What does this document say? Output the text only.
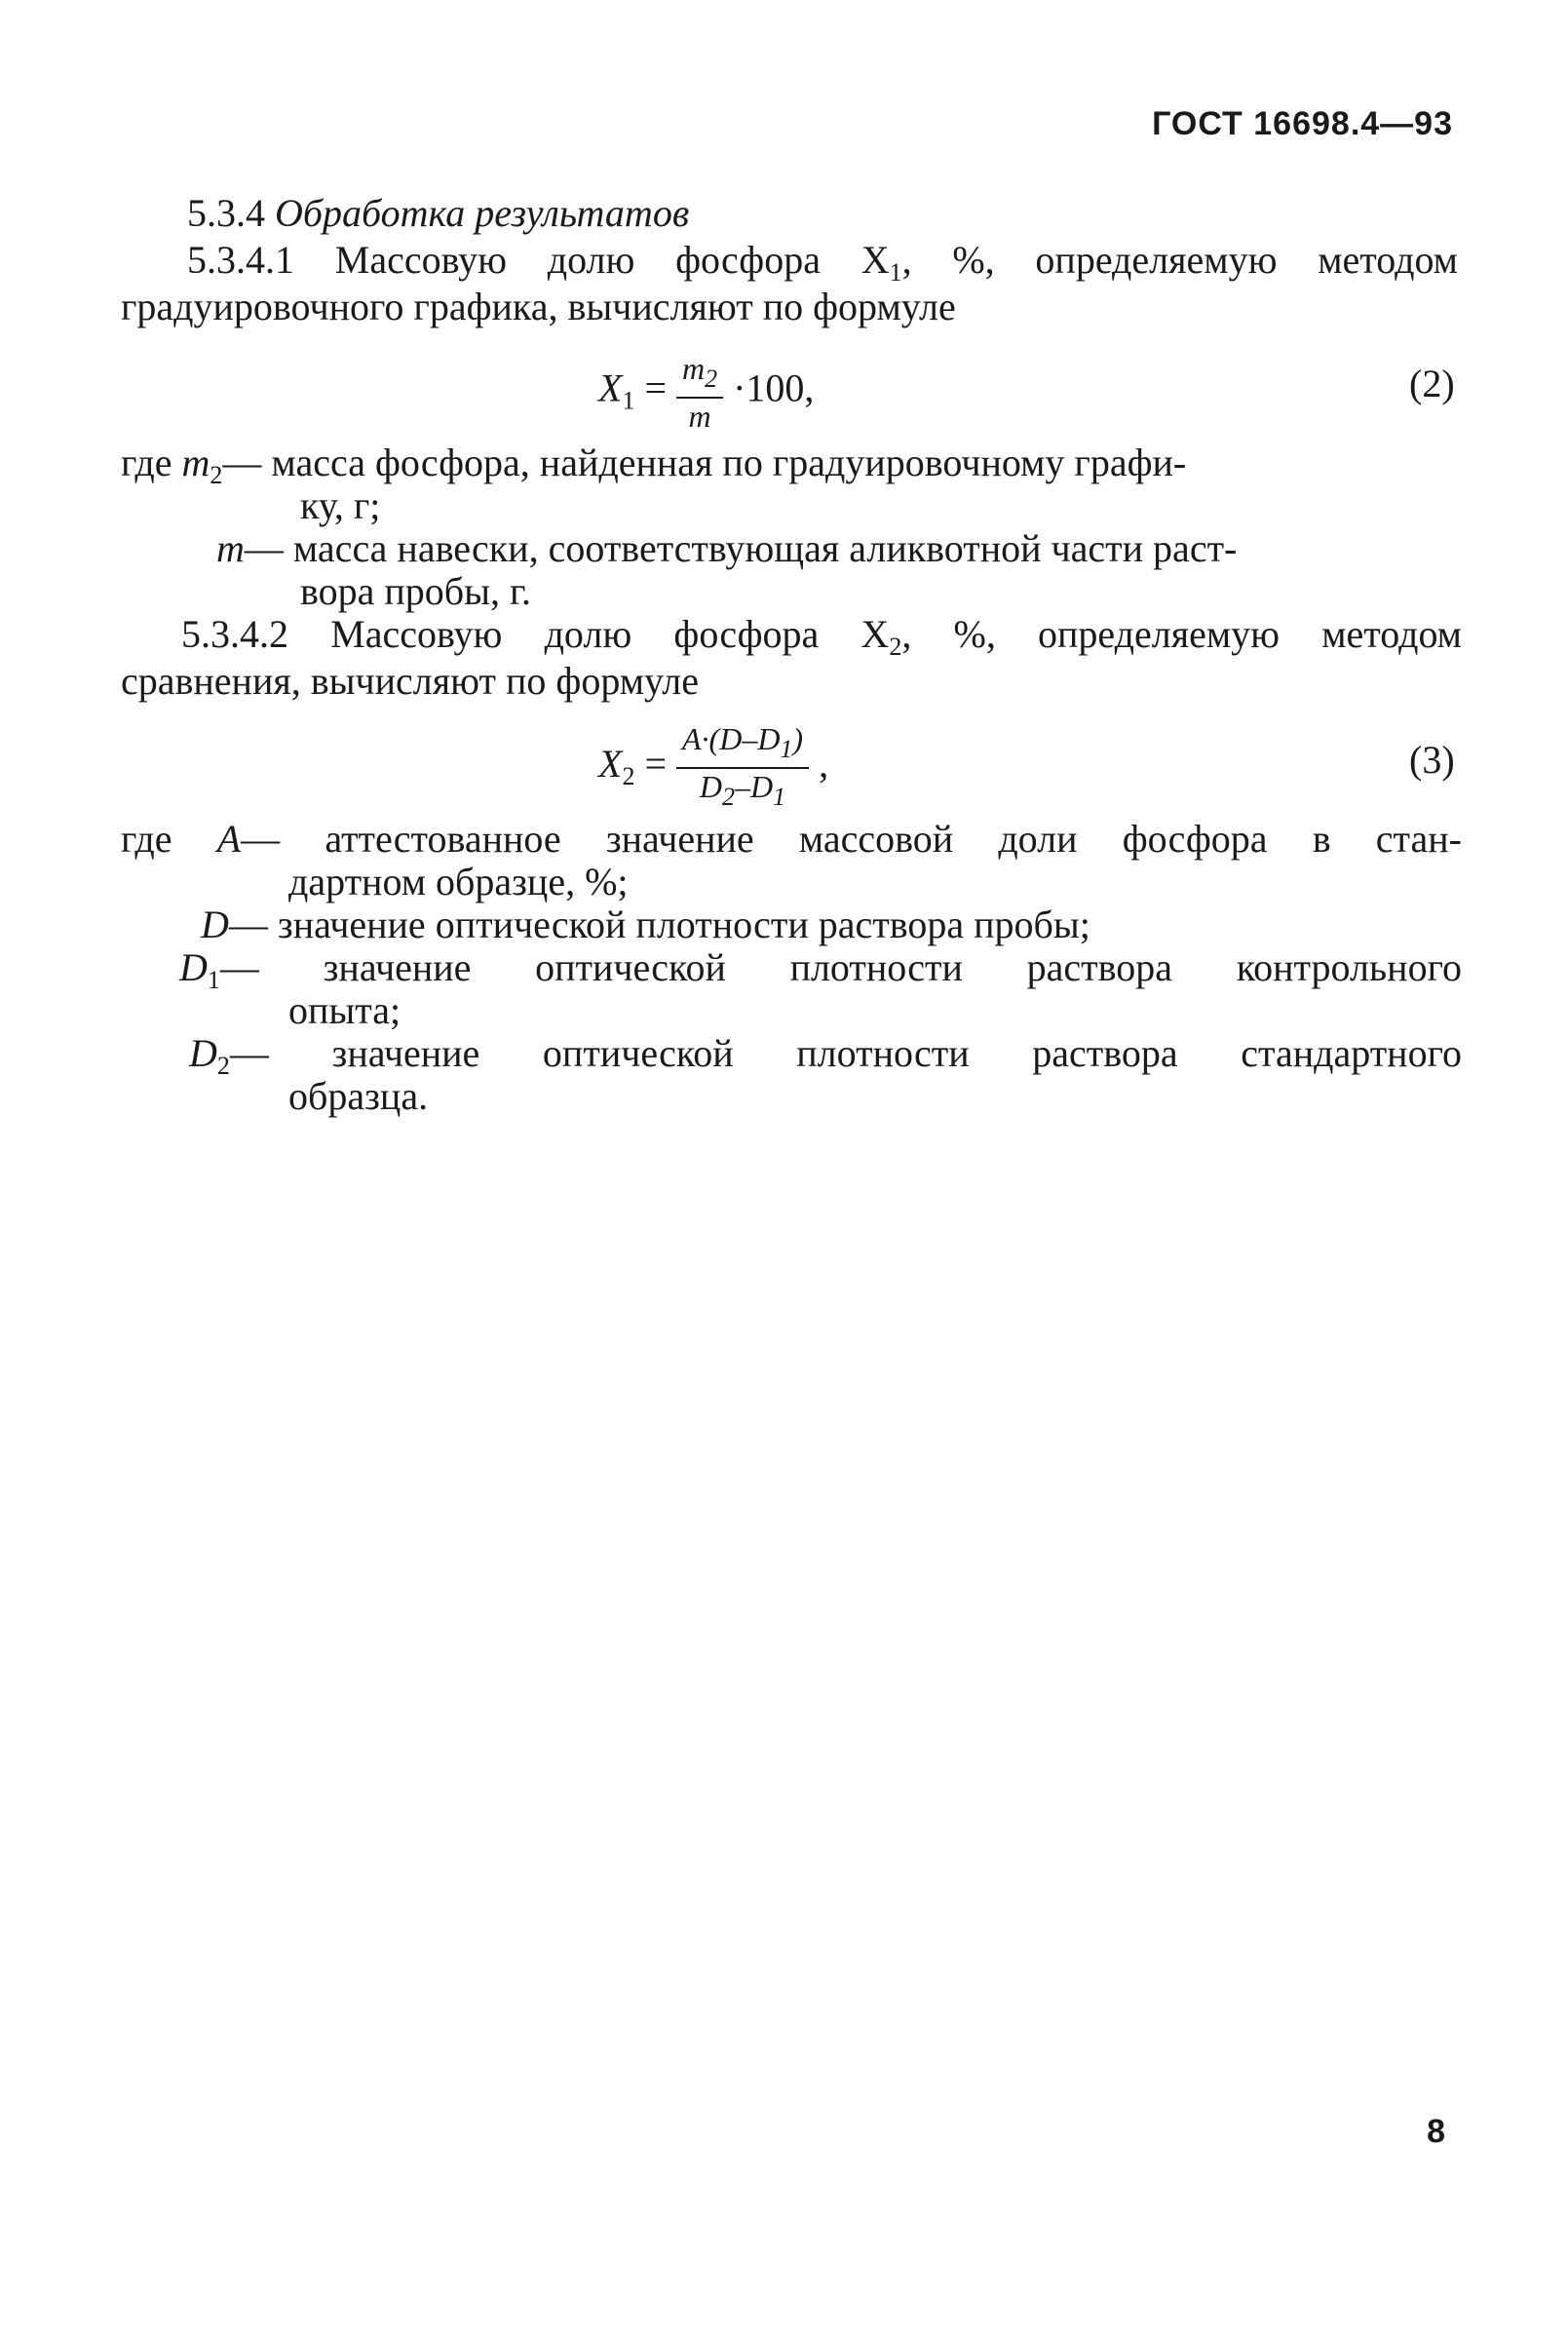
ГОСТ 16698.4—93
5.3.4 Обработка результатов
5.3.4.1 Массовую долю фосфора $X_1$, %, определяемую методом
градуировочного графика, вычисляют по формуле
$X_1 = \frac{m_2}{m} \cdot 100$,	(2)
где $m_2—$ масса фосфора, найденная по градуировочному графи-
ку, г;
m— масса навески, соответствующая аликвотной части раст-
вора пробы, г.
5.3.4.2 Массовую долю фосфора $X_2$, %, определяемую методом
сравнения, вычисляют по формуле
$X_2 = \frac{A\cdot(D-D_1)}{D_2-D_1}$ ,	(3)
где A— аттестованное значение массовой доли фосфора в стан-
дартном образце, %;
D— значение оптической плотности раствора пробы;
$D_1—$ значение оптической плотности раствора контрольного
опыта;
$D_2—$ значение оптической плотности раствора стандартного
образца.
8
